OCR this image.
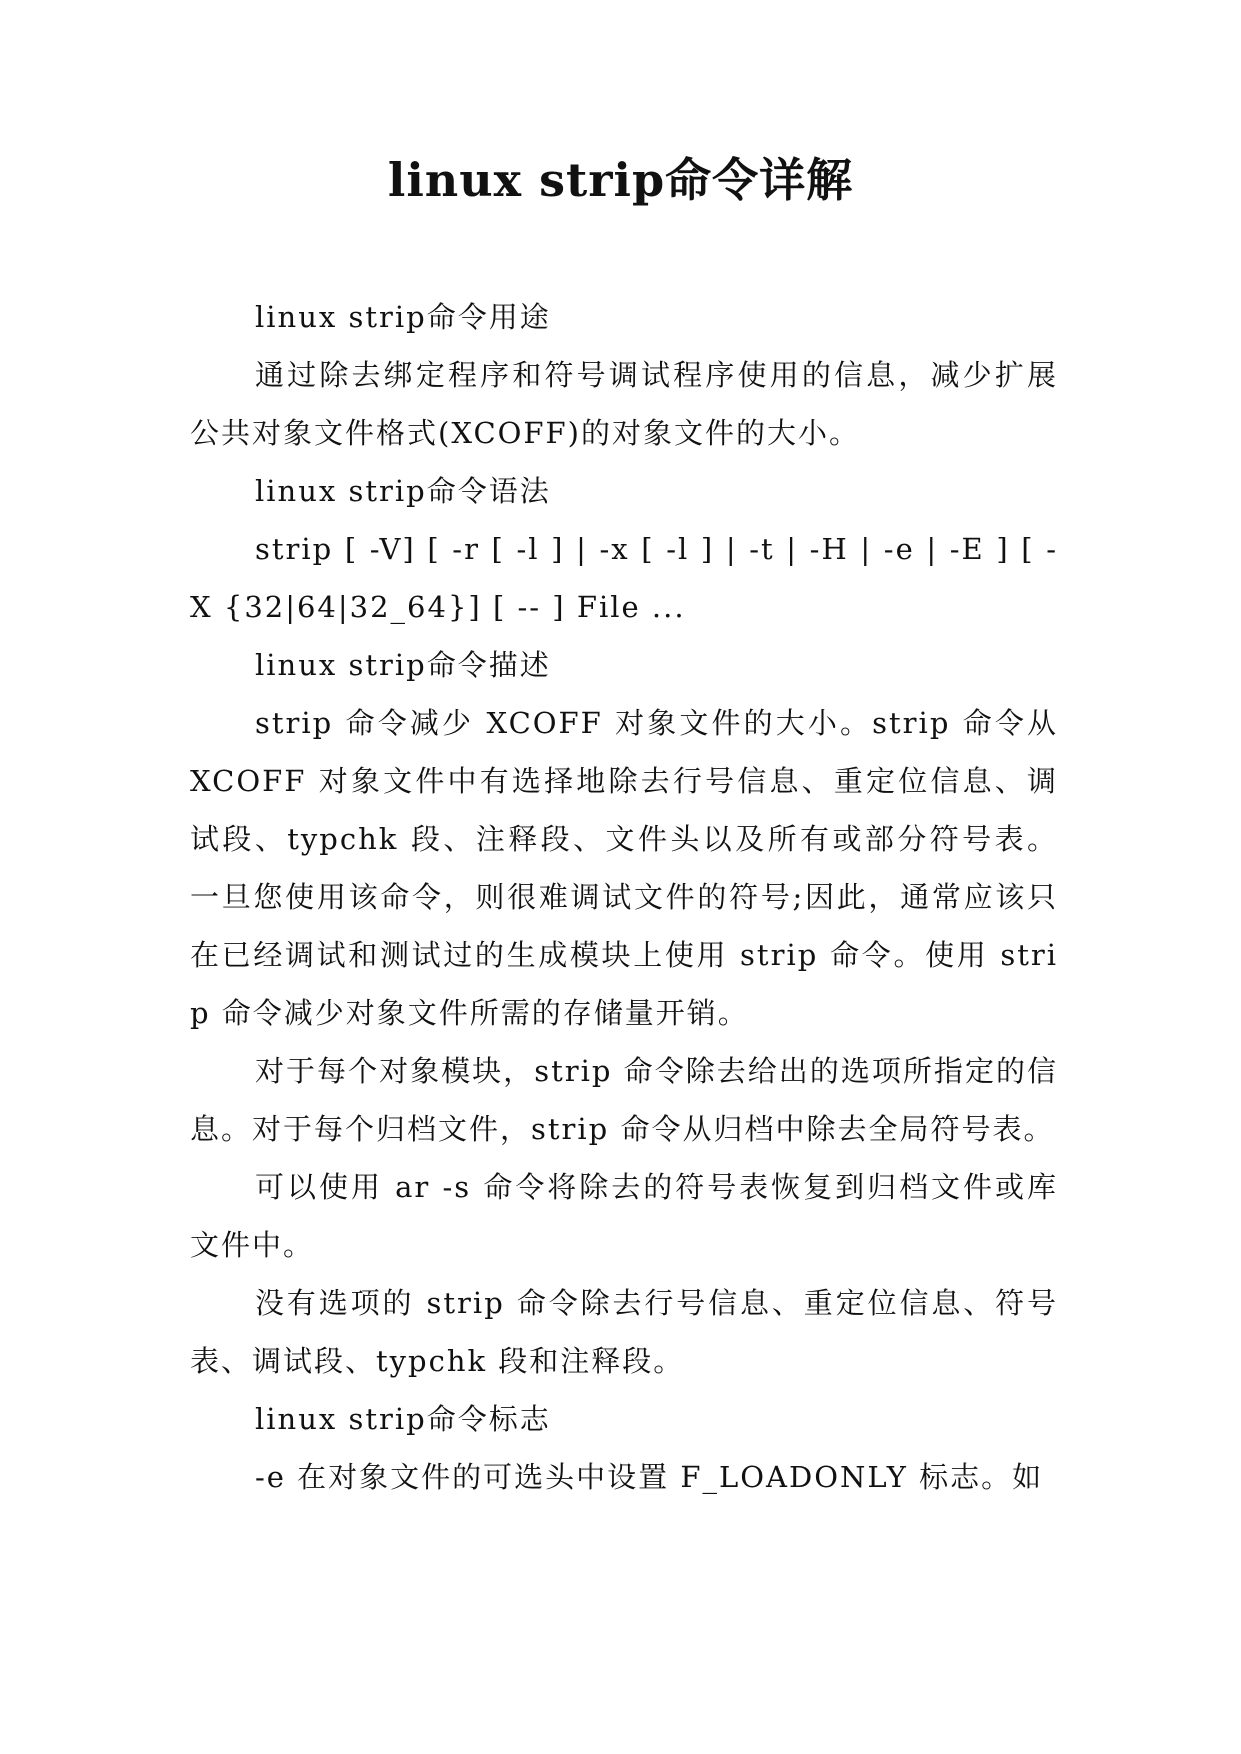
linux strip命令详解

linux strip命令用途

通过除去绑定程序和符号调试程序使用的信息，减少扩展公共对象文件格式(XCOFF)的对象文件的大小。

linux strip命令语法

strip [ -V] [ -r [ -l ] | -x [ -l ] | -t | -H | -e | -E ] [ -X {32|64|32_64}] [ -- ] File ...

linux strip命令描述

strip 命令减少 XCOFF 对象文件的大小。strip 命令从 XCOFF 对象文件中有选择地除去行号信息、重定位信息、调试段、typchk 段、注释段、文件头以及所有或部分符号表。 一旦您使用该命令，则很难调试文件的符号;因此，通常应该只在已经调试和测试过的生成模块上使用 strip 命令。使用 strip 命令减少对象文件所需的存储量开销。

对于每个对象模块，strip 命令除去给出的选项所指定的信息。对于每个归档文件，strip 命令从归档中除去全局符号表。

可以使用 ar -s 命令将除去的符号表恢复到归档文件或库文件中。

没有选项的 strip 命令除去行号信息、重定位信息、符号表、调试段、typchk 段和注释段。

linux strip命令标志

-e 在对象文件的可选头中设置 F_LOADONLY 标志。如
